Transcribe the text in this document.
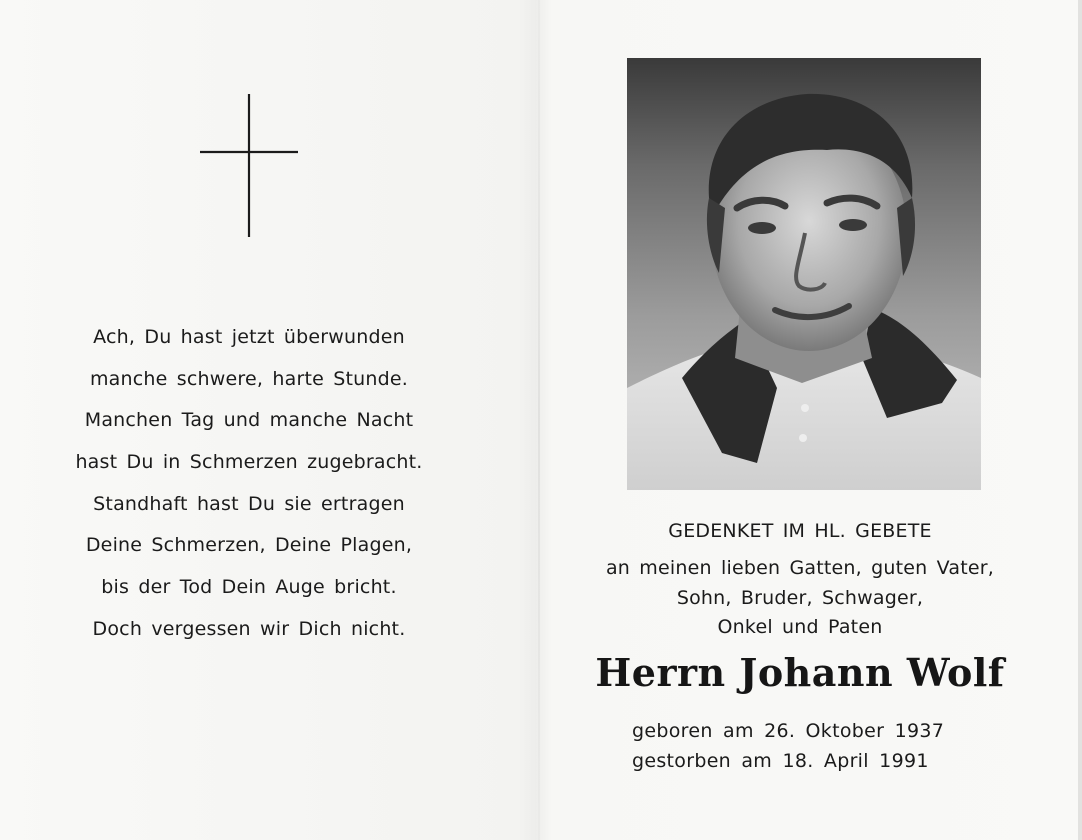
Ach, Du hast jetzt überwunden
manche schwere, harte Stunde.
Manchen Tag und manche Nacht
hast Du in Schmerzen zugebracht.
Standhaft hast Du sie ertragen
Deine Schmerzen, Deine Plagen,
bis der Tod Dein Auge bricht.
Doch vergessen wir Dich nicht.
GEDENKET IM HL. GEBETE
an meinen lieben Gatten, guten Vater,
Sohn, Bruder, Schwager,
Onkel und Paten
Herrn Johann Wolf
geboren am 26. Oktober 1937
gestorben am 18. April 1991
